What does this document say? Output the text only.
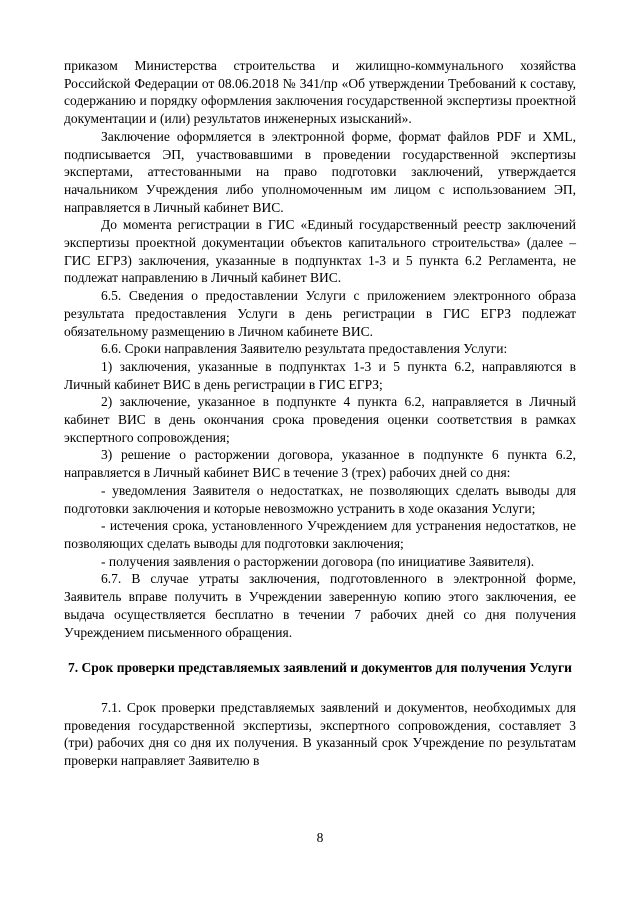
приказом Министерства строительства и жилищно-коммунального хозяйства Российской Федерации от 08.06.2018 № 341/пр «Об утверждении Требований к составу, содержанию и порядку оформления заключения государственной экспертизы проектной документации и (или) результатов инженерных изысканий».

Заключение оформляется в электронной форме, формат файлов PDF и XML, подписывается ЭП, участвовавшими в проведении государственной экспертизы экспертами, аттестованными на право подготовки заключений, утверждается начальником Учреждения либо уполномоченным им лицом с использованием ЭП, направляется в Личный кабинет ВИС.

До момента регистрации в ГИС «Единый государственный реестр заключений экспертизы проектной документации объектов капитального строительства» (далее – ГИС ЕГРЗ) заключения, указанные в подпунктах 1-3 и 5 пункта 6.2 Регламента, не подлежат направлению в Личный кабинет ВИС.

6.5. Сведения о предоставлении Услуги с приложением электронного образа результата предоставления Услуги в день регистрации в ГИС ЕГРЗ подлежат обязательному размещению в Личном кабинете ВИС.

6.6. Сроки направления Заявителю результата предоставления Услуги:

1) заключения, указанные в подпунктах 1-3 и 5 пункта 6.2, направляются в Личный кабинет ВИС в день регистрации в ГИС ЕГРЗ;

2) заключение, указанное в подпункте 4 пункта 6.2, направляется в Личный кабинет ВИС в день окончания срока проведения оценки соответствия в рамках экспертного сопровождения;

3) решение о расторжении договора, указанное в подпункте 6 пункта 6.2, направляется в Личный кабинет ВИС в течение 3 (трех) рабочих дней со дня:

- уведомления Заявителя о недостатках, не позволяющих сделать выводы для подготовки заключения и которые невозможно устранить в ходе оказания Услуги;

- истечения срока, установленного Учреждением для устранения недостатков, не позволяющих сделать выводы для подготовки заключения;

- получения заявления о расторжении договора (по инициативе Заявителя).

6.7. В случае утраты заключения, подготовленного в электронной форме, Заявитель вправе получить в Учреждении заверенную копию этого заключения, ее выдача осуществляется бесплатно в течении 7 рабочих дней со дня получения Учреждением письменного обращения.

7. Срок проверки представляемых заявлений и документов для получения Услуги

7.1. Срок проверки представляемых заявлений и документов, необходимых для проведения государственной экспертизы, экспертного сопровождения, составляет 3 (три) рабочих дня со дня их получения. В указанный срок Учреждение по результатам проверки направляет Заявителю в

8
